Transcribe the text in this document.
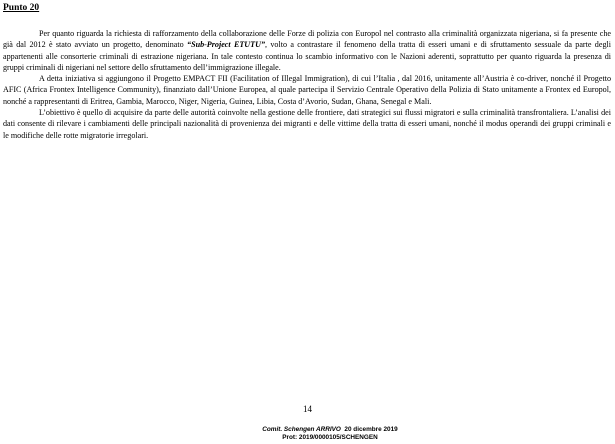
Punto 20

Per quanto riguarda la richiesta di rafforzamento della collaborazione delle Forze di polizia con Europol nel contrasto alla criminalità organizzata nigeriana, si fa presente che già dal 2012 è stato avviato un progetto, denominato “Sub-Project ETUTU”, volto a contrastare il fenomeno della tratta di esseri umani e di sfruttamento sessuale da parte degli appartenenti alle consorterie criminali di estrazione nigeriana. In tale contesto continua lo scambio informativo con le Nazioni aderenti, soprattutto per quanto riguarda la presenza di gruppi criminali di nigeriani nel settore dello sfruttamento dell’immigrazione illegale.

A detta iniziativa si aggiungono il Progetto EMPACT FII (Facilitation of Illegal Immigration), di cui l’Italia , dal 2016, unitamente all’Austria è co-driver, nonché il Progetto AFIC (Africa Frontex Intelligence Community), finanziato dall’Unione Europea, al quale partecipa il Servizio Centrale Operativo della Polizia di Stato unitamente a Frontex ed Europol, nonché a rappresentanti di Eritrea, Gambia, Marocco, Niger, Nigeria, Guinea, Libia, Costa d’Avorio, Sudan, Ghana, Senegal e Mali.

L’obiettivo è quello di acquisire da parte delle autorità coinvolte nella gestione delle frontiere, dati strategici sui flussi migratori e sulla criminalità transfrontaliera. L’analisi dei dati consente di rilevare i cambiamenti delle principali nazionalità di provenienza dei migranti e delle vittime della tratta di esseri umani, nonché il modus operandi dei gruppi criminali e le modifiche delle rotte migratorie irregolari.

14
Comit. Schengen ARRIVO 20 dicembre 2019
Prot: 2019/0000105/SCHENGEN
